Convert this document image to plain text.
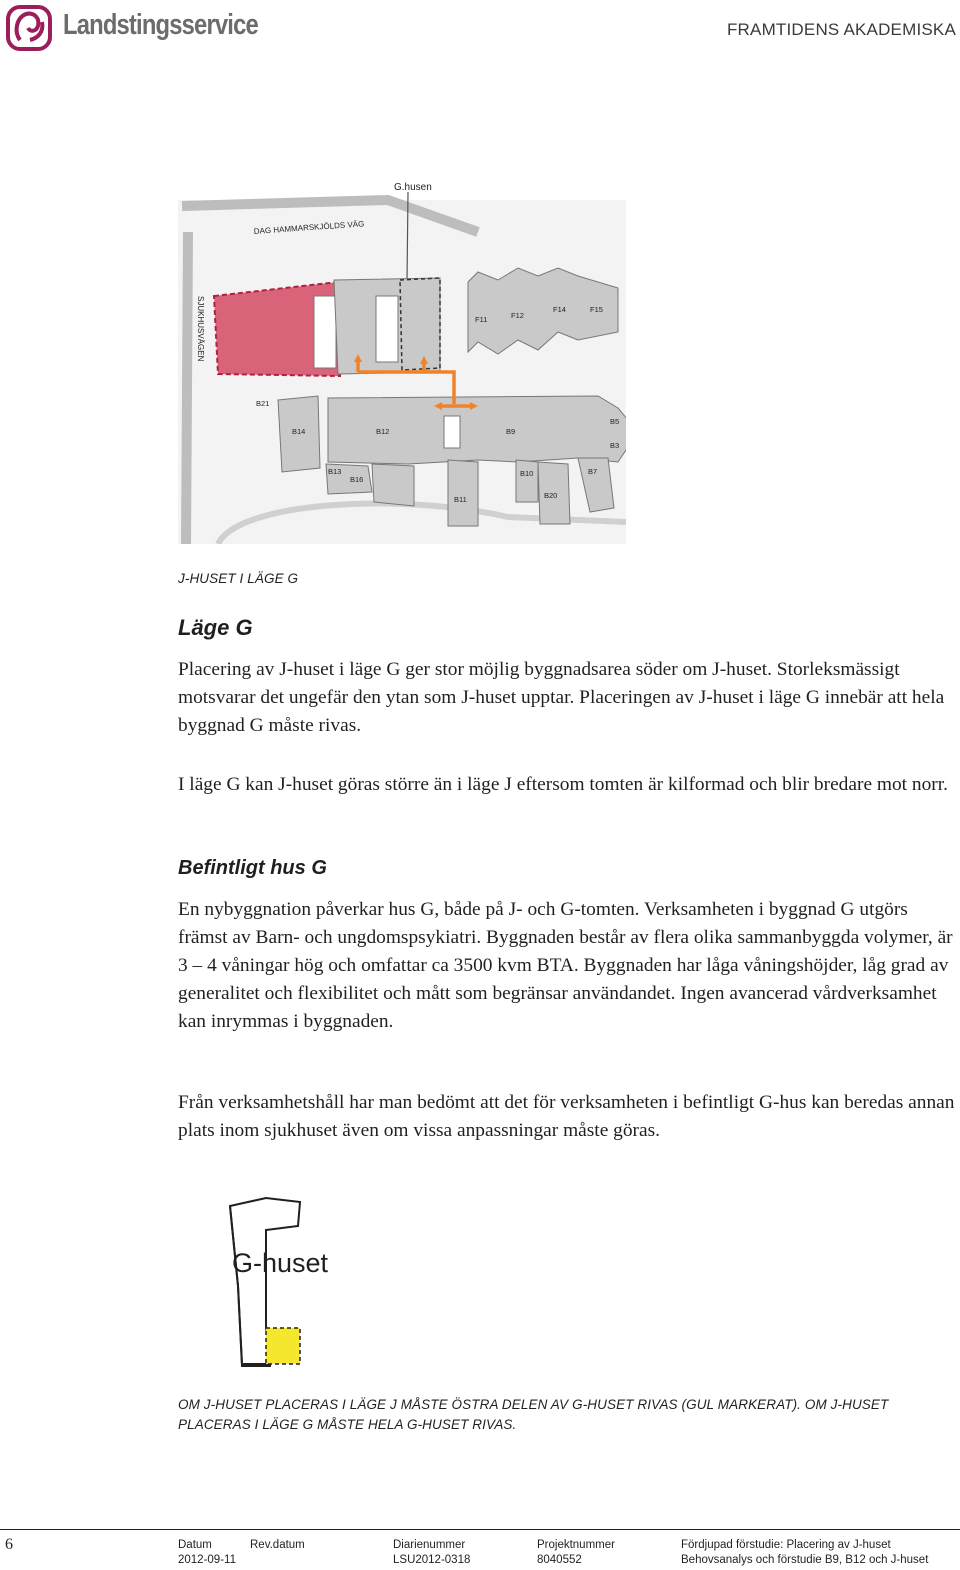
Landstingsservice	FRAMTIDENS AKADEMISKA
G.husen
DAG HAMMARSKJÖLDS VÄG
SJUKHUSVÄGEN	F11	F12
F14	F15
B21
B14	B12	B9
B5
B3
B13
B16
B10	B7
B11	B20
J-HUSET I LÄGE G
Läge G
Placering av J-huset i läge G ger stor möjlig byggnadsarea söder om J-huset. Storleksmässigt motsvarar det ungefär den ytan som J-huset upptar. Placeringen av J-huset i läge G innebär att hela byggnad G måste rivas.
I läge G kan J-huset göras större än i läge J eftersom tomten är kilformad och blir bredare mot norr.
Befintligt hus G
En nybyggnation påverkar hus G, både på J- och G-tomten. Verksamheten i byggnad G utgörs främst av Barn- och ungdomspsykiatri. Byggnaden består av flera olika sammanbyggda volymer, är 3 – 4 våningar hög och omfattar ca 3500 kvm BTA. Byggnaden har låga våningshöjder, låg grad av generalitet och flexibilitet och mått som begränsar användandet. Ingen avancerad vårdverksamhet kan inrymmas i byggnaden.
Från verksamhetshåll har man bedömt att det för verksamheten i befintligt G-hus kan beredas annan plats inom sjukhuset även om vissa anpassningar måste göras.
G-huset
OM J-HUSET PLACERAS I LÄGE J MÅSTE ÖSTRA DELEN AV G-HUSET RIVAS (GUL MARKERAT). OM J-HUSET PLACERAS I LÄGE G MÅSTE HELA G-HUSET RIVAS.
6	Datum
2012-09-11
Rev.datum	Diarienummer
LSU2012-0318
Projektnummer
8040552
Fördjupad förstudie: Placering av J-huset
Behovsanalys och förstudie B9, B12 och J-huset
